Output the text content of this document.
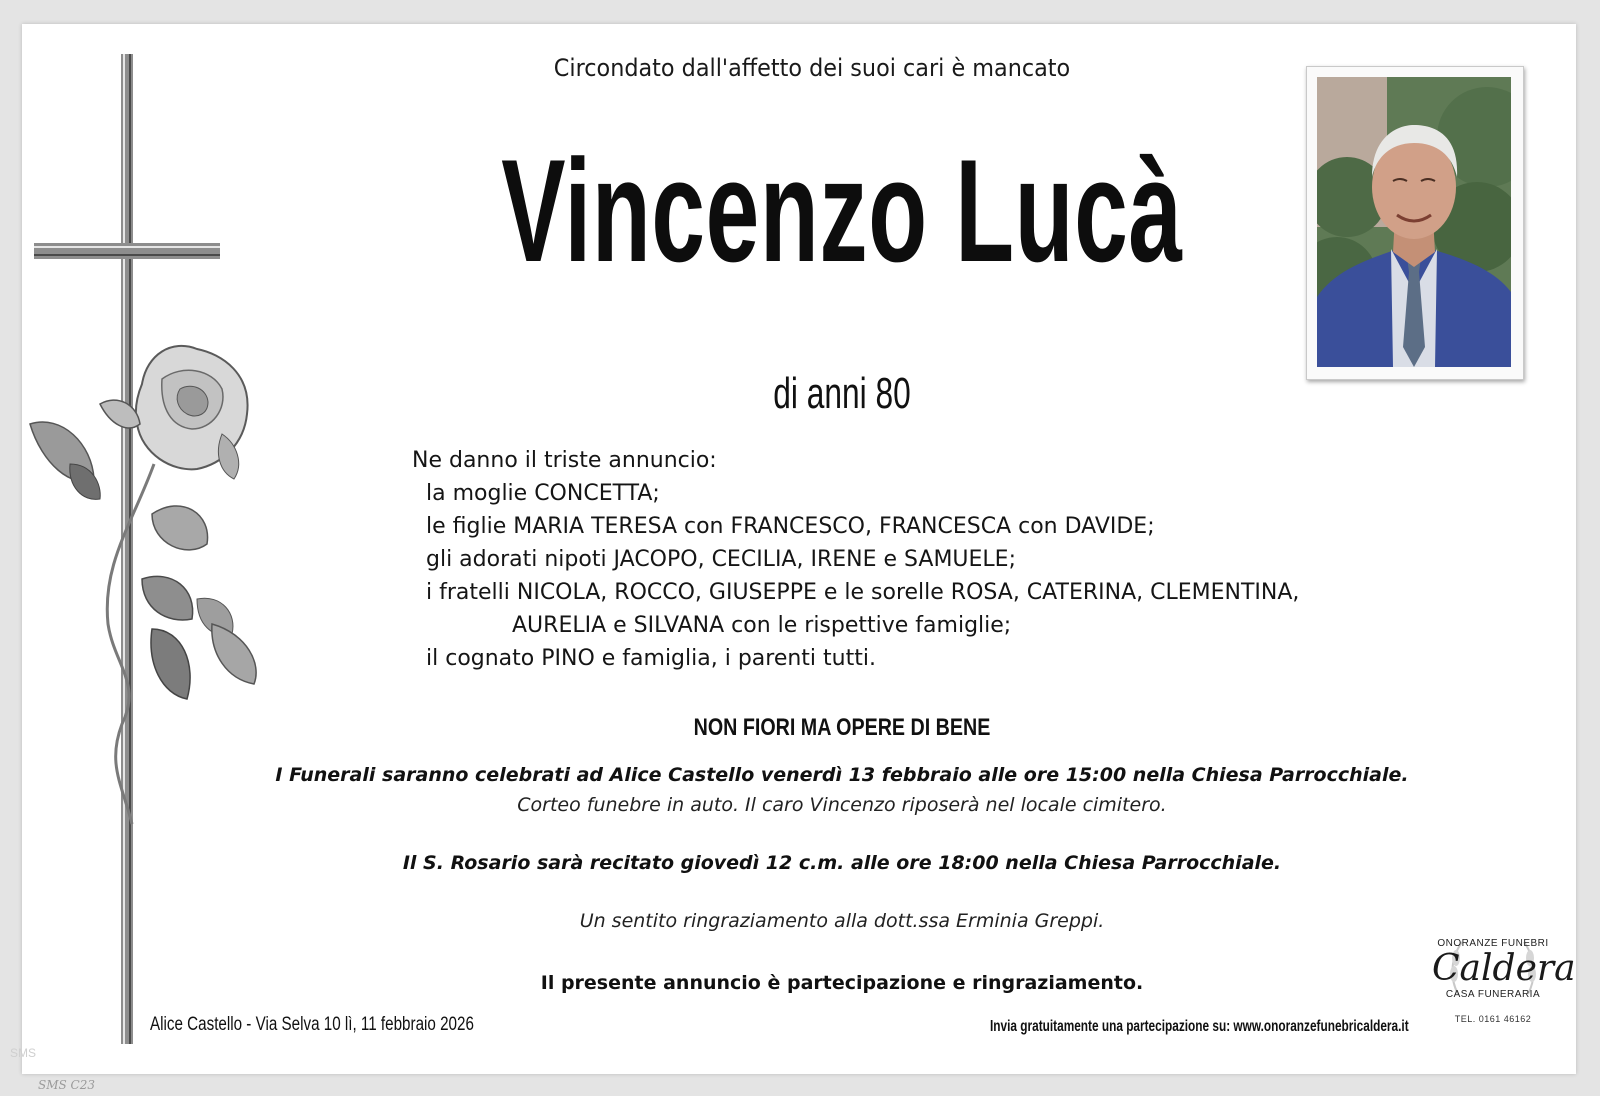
Circondato dall'affetto dei suoi cari è mancato
Vincenzo Lucà
di anni 80
Ne danno il triste annuncio:
la moglie CONCETTA;
le figlie MARIA TERESA con FRANCESCO, FRANCESCA con DAVIDE;
gli adorati nipoti JACOPO, CECILIA, IRENE e SAMUELE;
i fratelli NICOLA, ROCCO, GIUSEPPE e le sorelle ROSA, CATERINA, CLEMENTINA,
AURELIA e SILVANA con le rispettive famiglie;
il cognato PINO e famiglia, i parenti tutti.
NON FIORI MA OPERE DI BENE
I Funerali saranno celebrati ad Alice Castello venerdì 13 febbraio alle ore 15:00 nella Chiesa Parrocchiale.
Corteo funebre in auto. Il caro Vincenzo riposerà nel locale cimitero.
Il S. Rosario sarà recitato giovedì 12 c.m. alle ore 18:00 nella Chiesa Parrocchiale.
Un sentito ringraziamento alla dott.ssa Erminia Greppi.
Il presente annuncio è partecipazione e ringraziamento.
Alice Castello - Via Selva 10 lì, 11 febbraio 2026	Invia gratuitamente una partecipazione su: www.onoranzefunebricaldera.it
ONORANZE FUNEBRI
Caldera
CASA FUNERARIA
TEL. 0161 46162
SMS
SMS C23
